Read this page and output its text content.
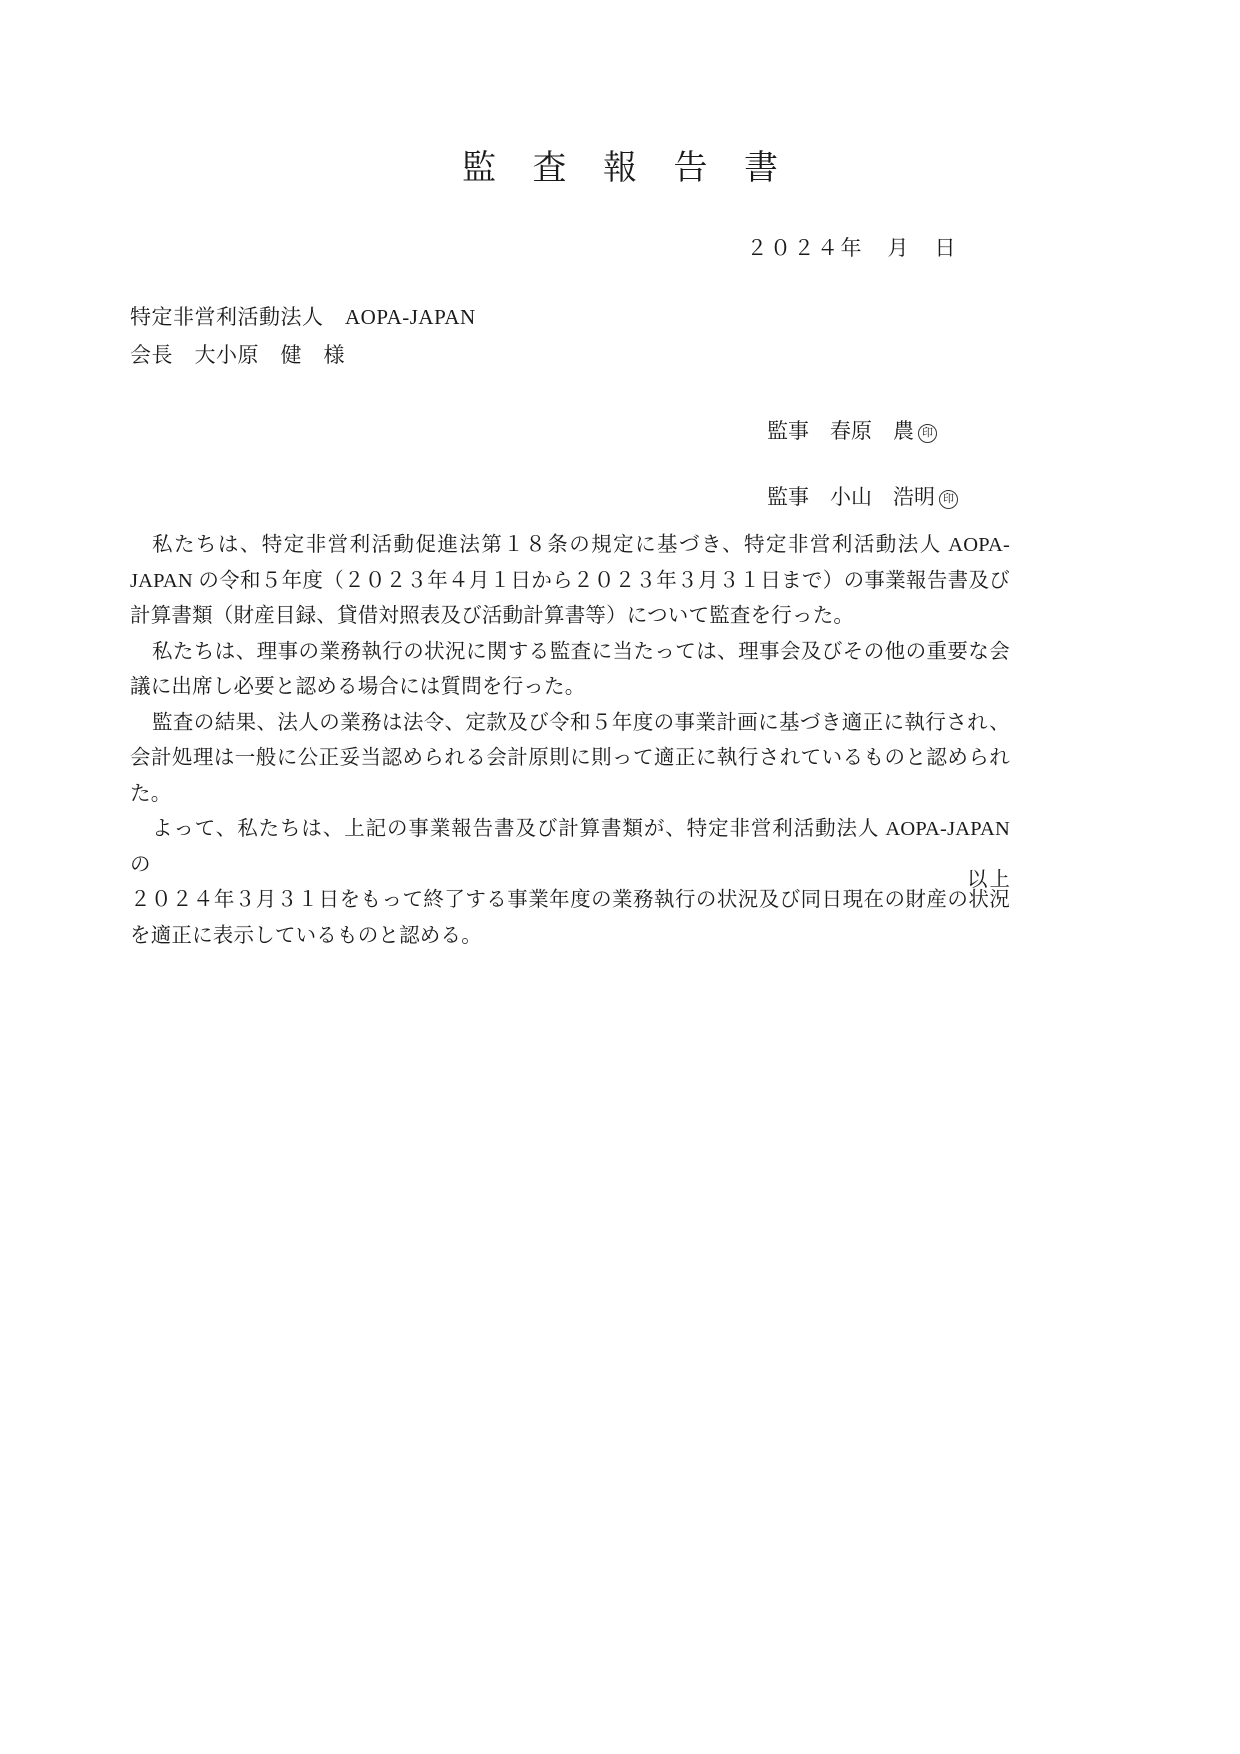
監 査 報 告 書
２０２４年　月　日
特定非営利活動法人　AOPA-JAPAN
会長　大小原　健　様
監事　春原　農 印
監事　小山　浩明 印

私たちは、特定非営利活動促進法第１８条の規定に基づき、特定非営利活動法人 AOPA-JAPAN の令和５年度（２０２３年４月１日から２０２３年３月３１日まで）の事業報告書及び計算書類（財産目録、貸借対照表及び活動計算書等）について監査を行った。

私たちは、理事の業務執行の状況に関する監査に当たっては、理事会及びその他の重要な会議に出席し必要と認める場合には質問を行った。

監査の結果、法人の業務は法令、定款及び令和５年度の事業計画に基づき適正に執行され、会計処理は一般に公正妥当認められる会計原則に則って適正に執行されているものと認められた。

よって、私たちは、上記の事業報告書及び計算書類が、特定非営利活動法人 AOPA-JAPAN の

２０２４年３月３１日をもって終了する事業年度の業務執行の状況及び同日現在の財産の状況を適正に表示しているものと認める。

以上
